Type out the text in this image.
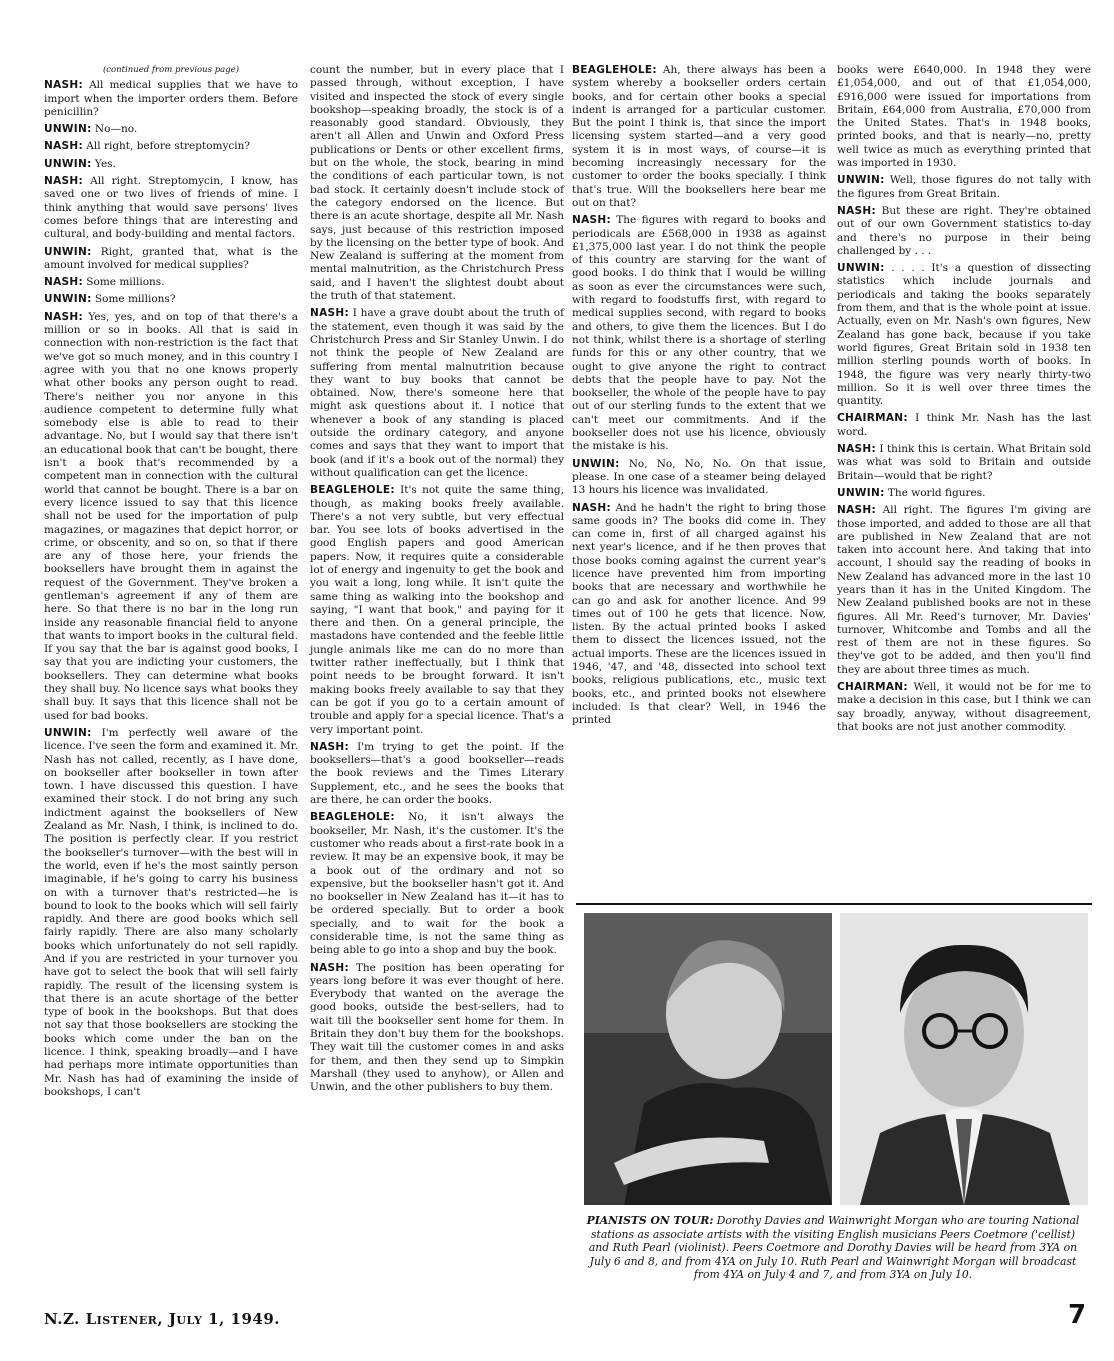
(continued from previous page)

NASH: All medical supplies that we have to import when the importer orders them. Before penicillin?

UNWIN: No—no.

NASH: All right, before streptomycin?

UNWIN: Yes.

NASH: All right. Streptomycin, I know, has saved one or two lives of friends of mine. I think anything that would save persons' lives comes before things that are interesting and cultural, and body-building and mental factors.

UNWIN: Right, granted that, what is the amount involved for medical supplies?

NASH: Some millions.

UNWIN: Some millions?

NASH: Yes, yes, and on top of that there's a million or so in books. All that is said in connection with non-restriction is the fact that we've got so much money, and in this country I agree with you that no one knows properly what other books any person ought to read. There's neither you nor anyone in this audience competent to determine fully what somebody else is able to read to their advantage. No, but I would say that there isn't an educational book that can't be bought, there isn't a book that's recommended by a competent man in connection with the cultural world that cannot be bought. There is a bar on every licence issued to say that this licence shall not be used for the importation of pulp magazines, or magazines that depict horror, or crime, or obscenity, and so on, so that if there are any of those here, your friends the booksellers have brought them in against the request of the Government. They've broken a gentleman's agreement if any of them are here. So that there is no bar in the long run inside any reasonable financial field to anyone that wants to import books in the cultural field. If you say that the bar is against good books, I say that you are indicting your customers, the booksellers. They can determine what books they shall buy. No licence says what books they shall buy. It says that this licence shall not be used for bad books.

UNWIN: I'm perfectly well aware of the licence. I've seen the form and examined it. Mr. Nash has not called, recently, as I have done, on bookseller after bookseller in town after town. I have discussed this question. I have examined their stock. I do not bring any such indictment against the booksellers of New Zealand as Mr. Nash, I think, is inclined to do. The position is perfectly clear. If you restrict the bookseller's turnover—with the best will in the world, even if he's the most saintly person imaginable, if he's going to carry his business on with a turnover that's restricted—he is bound to look to the books which will sell fairly rapidly. And there are good books which sell fairly rapidly. There are also many scholarly books which unfortunately do not sell rapidly. And if you are restricted in your turnover you have got to select the book that will sell fairly rapidly. The result of the licensing system is that there is an acute shortage of the better type of book in the bookshops. But that does not say that those booksellers are stocking the books which come under the ban on the licence. I think, speaking broadly—and I have had perhaps more intimate opportunities than Mr. Nash has had of examining the inside of bookshops, I can't

count the number, but in every place that I passed through, without exception, I have visited and inspected the stock of every single bookshop—speaking broadly, the stock is of a reasonably good standard. Obviously, they aren't all Allen and Unwin and Oxford Press publications or Dents or other excellent firms, but on the whole, the stock, bearing in mind the conditions of each particular town, is not bad stock. It certainly doesn't include stock of the category endorsed on the licence. But there is an acute shortage, despite all Mr. Nash says, just because of this restriction imposed by the licensing on the better type of book. And New Zealand is suffering at the moment from mental malnutrition, as the Christchurch Press said, and I haven't the slightest doubt about the truth of that statement.

NASH: I have a grave doubt about the truth of the statement, even though it was said by the Christchurch Press and Sir Stanley Unwin. I do not think the people of New Zealand are suffering from mental malnutrition because they want to buy books that cannot be obtained. Now, there's someone here that might ask questions about it. I notice that whenever a book of any standing is placed outside the ordinary category, and anyone comes and says that they want to import that book (and if it's a book out of the normal) they without qualification can get the licence.

BEAGLEHOLE: It's not quite the same thing, though, as making books freely available. There's a not very subtle, but very effectual bar. You see lots of books advertised in the good English papers and good American papers. Now, it requires quite a considerable lot of energy and ingenuity to get the book and you wait a long, long while. It isn't quite the same thing as walking into the bookshop and saying, "I want that book," and paying for it there and then. On a general principle, the mastadons have contended and the feeble little jungle animals like me can do no more than twitter rather ineffectually, but I think that point needs to be brought forward. It isn't making books freely available to say that they can be got if you go to a certain amount of trouble and apply for a special licence. That's a very important point.

NASH: I'm trying to get the point. If the booksellers—that's a good bookseller—reads the book reviews and the Times Literary Supplement, etc., and he sees the books that are there, he can order the books.

BEAGLEHOLE: No, it isn't always the bookseller, Mr. Nash, it's the customer. It's the customer who reads about a first-rate book in a review. It may be an expensive book, it may be a book out of the ordinary and not so expensive, but the bookseller hasn't got it. And no bookseller in New Zealand has it—it has to be ordered specially. But to order a book specially, and to wait for the book a considerable time, is not the same thing as being able to go into a shop and buy the book.

NASH: The position has been operating for years long before it was ever thought of here. Everybody that wanted on the average the good books, outside the best-sellers, had to wait till the bookseller sent home for them. In Britain they don't buy them for the bookshops. They wait till the customer comes in and asks for them, and then they send up to Simpkin Marshall (they used to anyhow), or Allen and Unwin, and the other publishers to buy them.

BEAGLEHOLE: Ah, there always has been a system whereby a bookseller orders certain books, and for certain other books a special indent is arranged for a particular customer. But the point I think is, that since the import licensing system started—and a very good system it is in most ways, of course—it is becoming increasingly necessary for the customer to order the books specially. I think that's true. Will the booksellers here bear me out on that?

NASH: The figures with regard to books and periodicals are £568,000 in 1938 as against £1,375,000 last year. I do not think the people of this country are starving for the want of good books. I do think that I would be willing as soon as ever the circumstances were such, with regard to foodstuffs first, with regard to medical supplies second, with regard to books and others, to give them the licences. But I do not think, whilst there is a shortage of sterling funds for this or any other country, that we ought to give anyone the right to contract debts that the people have to pay. Not the bookseller, the whole of the people have to pay out of our sterling funds to the extent that we can't meet our commitments. And if the bookseller does not use his licence, obviously the mistake is his.

UNWIN: No, No, No, No. On that issue, please. In one case of a steamer being delayed 13 hours his licence was invalidated.

NASH: And he hadn't the right to bring those same goods in? The books did come in. They can come in, first of all charged against his next year's licence, and if he then proves that those books coming against the current year's licence have prevented him from importing books that are necessary and worthwhile he can go and ask for another licence. And 99 times out of 100 he gets that licence. Now, listen. By the actual printed books I asked them to dissect the licences issued, not the actual imports. These are the licences issued in 1946, '47, and '48, dissected into school text books, religious publications, etc., music text books, etc., and printed books not elsewhere included. Is that clear? Well, in 1946 the printed

books were £640,000. In 1948 they were £1,054,000, and out of that £1,054,000, £916,000 were issued for importations from Britain, £64,000 from Australia, £70,000 from the United States. That's in 1948 books, printed books, and that is nearly—no, pretty well twice as much as everything printed that was imported in 1930.

UNWIN: Well, those figures do not tally with the figures from Great Britain.

NASH: But these are right. They're obtained out of our own Government statistics to-day and there's no purpose in their being challenged by . . .

UNWIN: . . . . It's a question of dissecting statistics which include journals and periodicals and taking the books separately from them, and that is the whole point at issue. Actually, even on Mr. Nash's own figures, New Zealand has gone back, because if you take world figures, Great Britain sold in 1938 ten million sterling pounds worth of books. In 1948, the figure was very nearly thirty-two million. So it is well over three times the quantity.

CHAIRMAN: I think Mr. Nash has the last word.

NASH: I think this is certain. What Britain sold was what was sold to Britain and outside Britain—would that be right?

UNWIN: The world figures.

NASH: All right. The figures I'm giving are those imported, and added to those are all that are published in New Zealand that are not taken into account here. And taking that into account, I should say the reading of books in New Zealand has advanced more in the last 10 years than it has in the United Kingdom. The New Zealand published books are not in these figures. All Mr. Reed's turnover, Mr. Davies' turnover, Whitcombe and Tombs and all the rest of them are not in these figures. So they've got to be added, and then you'll find they are about three times as much.

CHAIRMAN: Well, it would not be for me to make a decision in this case, but I think we can say broadly, anyway, without disagreement, that books are not just another commodity.

PIANISTS ON TOUR: Dorothy Davies and Wainwright Morgan who are touring National stations as associate artists with the visiting English musicians Peers Coetmore ('cellist) and Ruth Pearl (violinist). Peers Coetmore and Dorothy Davies will be heard from 3YA on July 6 and 8, and from 4YA on July 10. Ruth Pearl and Wainwright Morgan will broadcast from 4YA on July 4 and 7, and from 3YA on July 10.
N.Z. Listener, July 1, 1949.	7
